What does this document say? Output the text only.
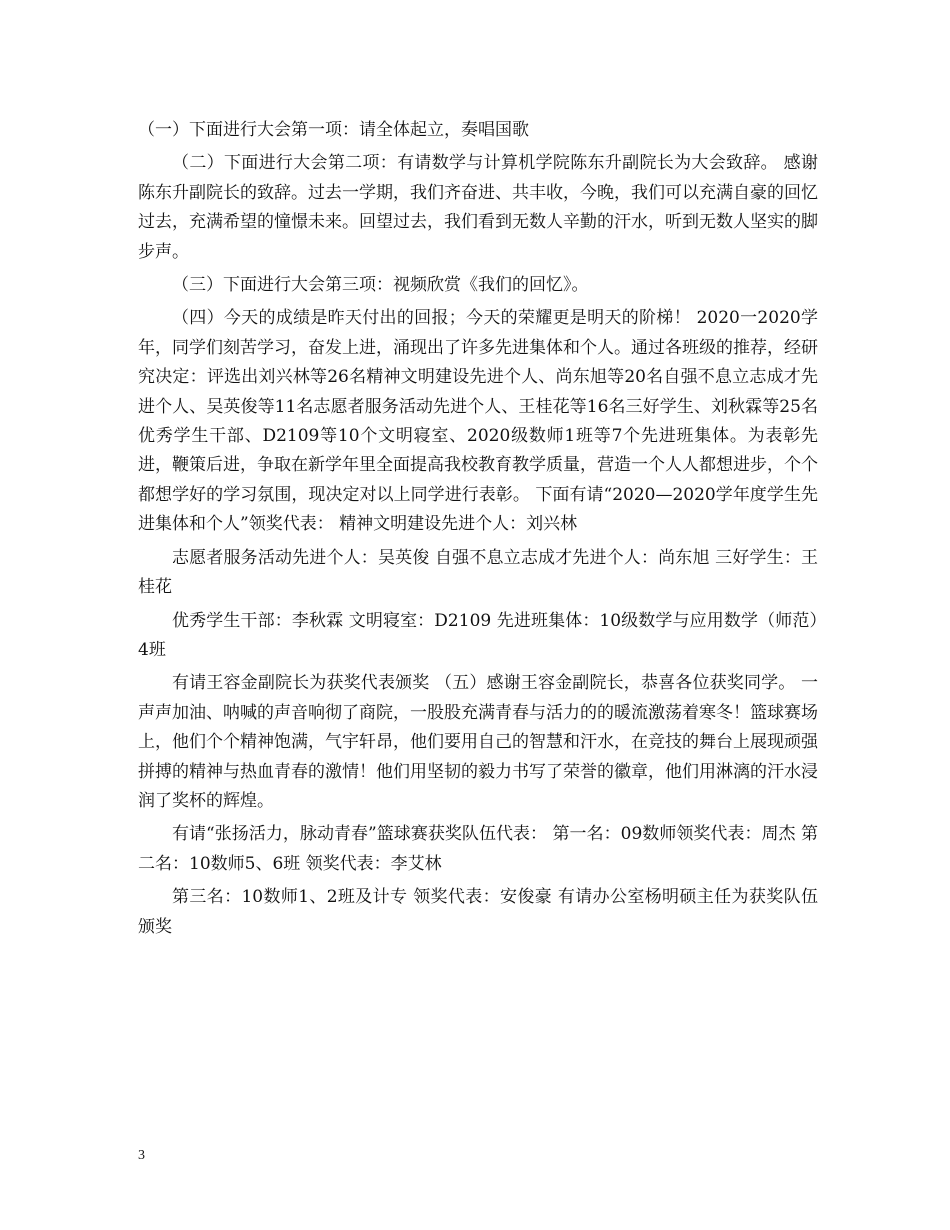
（一）下面进行大会第一项：请全体起立，奏唱国歌

（二）下面进行大会第二项：有请数学与计算机学院陈东升副院长为大会致辞。 感谢陈东升副院长的致辞。过去一学期，我们齐奋进、共丰收，今晚，我们可以充满自豪的回忆过去，充满希望的憧憬未来。回望过去，我们看到无数人辛勤的汗水，听到无数人坚实的脚步声。

（三）下面进行大会第三项：视频欣赏《我们的回忆》。

（四）今天的成绩是昨天付出的回报；今天的荣耀更是明天的阶梯！ 2020一2020学年，同学们刻苦学习，奋发上进，涌现出了许多先进集体和个人。通过各班级的推荐，经研究决定：评选出刘兴林等26名精神文明建设先进个人、尚东旭等20名自强不息立志成才先进个人、吴英俊等11名志愿者服务活动先进个人、王桂花等16名三好学生、刘秋霖等25名优秀学生干部、D2109等10个文明寝室、2020级数师1班等7个先进班集体。为表彰先进，鞭策后进，争取在新学年里全面提高我校教育教学质量，营造一个人人都想进步，个个都想学好的学习氛围，现决定对以上同学进行表彰。 下面有请“2020—2020学年度学生先进集体和个人”领奖代表： 精神文明建设先进个人：刘兴林

志愿者服务活动先进个人：吴英俊 自强不息立志成才先进个人：尚东旭 三好学生：王桂花

优秀学生干部：李秋霖 文明寝室：D2109 先进班集体：10级数学与应用数学（师范）4班

有请王容金副院长为获奖代表颁奖 （五）感谢王容金副院长，恭喜各位获奖同学。 一声声加油、呐喊的声音响彻了商院，一股股充满青春与活力的的暖流激荡着寒冬！篮球赛场上，他们个个精神饱满，气宇轩昂，他们要用自己的智慧和汗水，在竞技的舞台上展现顽强拼搏的精神与热血青春的激情！他们用坚韧的毅力书写了荣誉的徽章，他们用淋漓的汗水浸润了奖杯的辉煌。

有请“张扬活力，脉动青春”篮球赛获奖队伍代表： 第一名：09数师领奖代表：周杰 第二名：10数师5、6班 领奖代表：李艾林

第三名：10数师1、2班及计专 领奖代表：安俊豪 有请办公室杨明硕主任为获奖队伍颁奖

3
